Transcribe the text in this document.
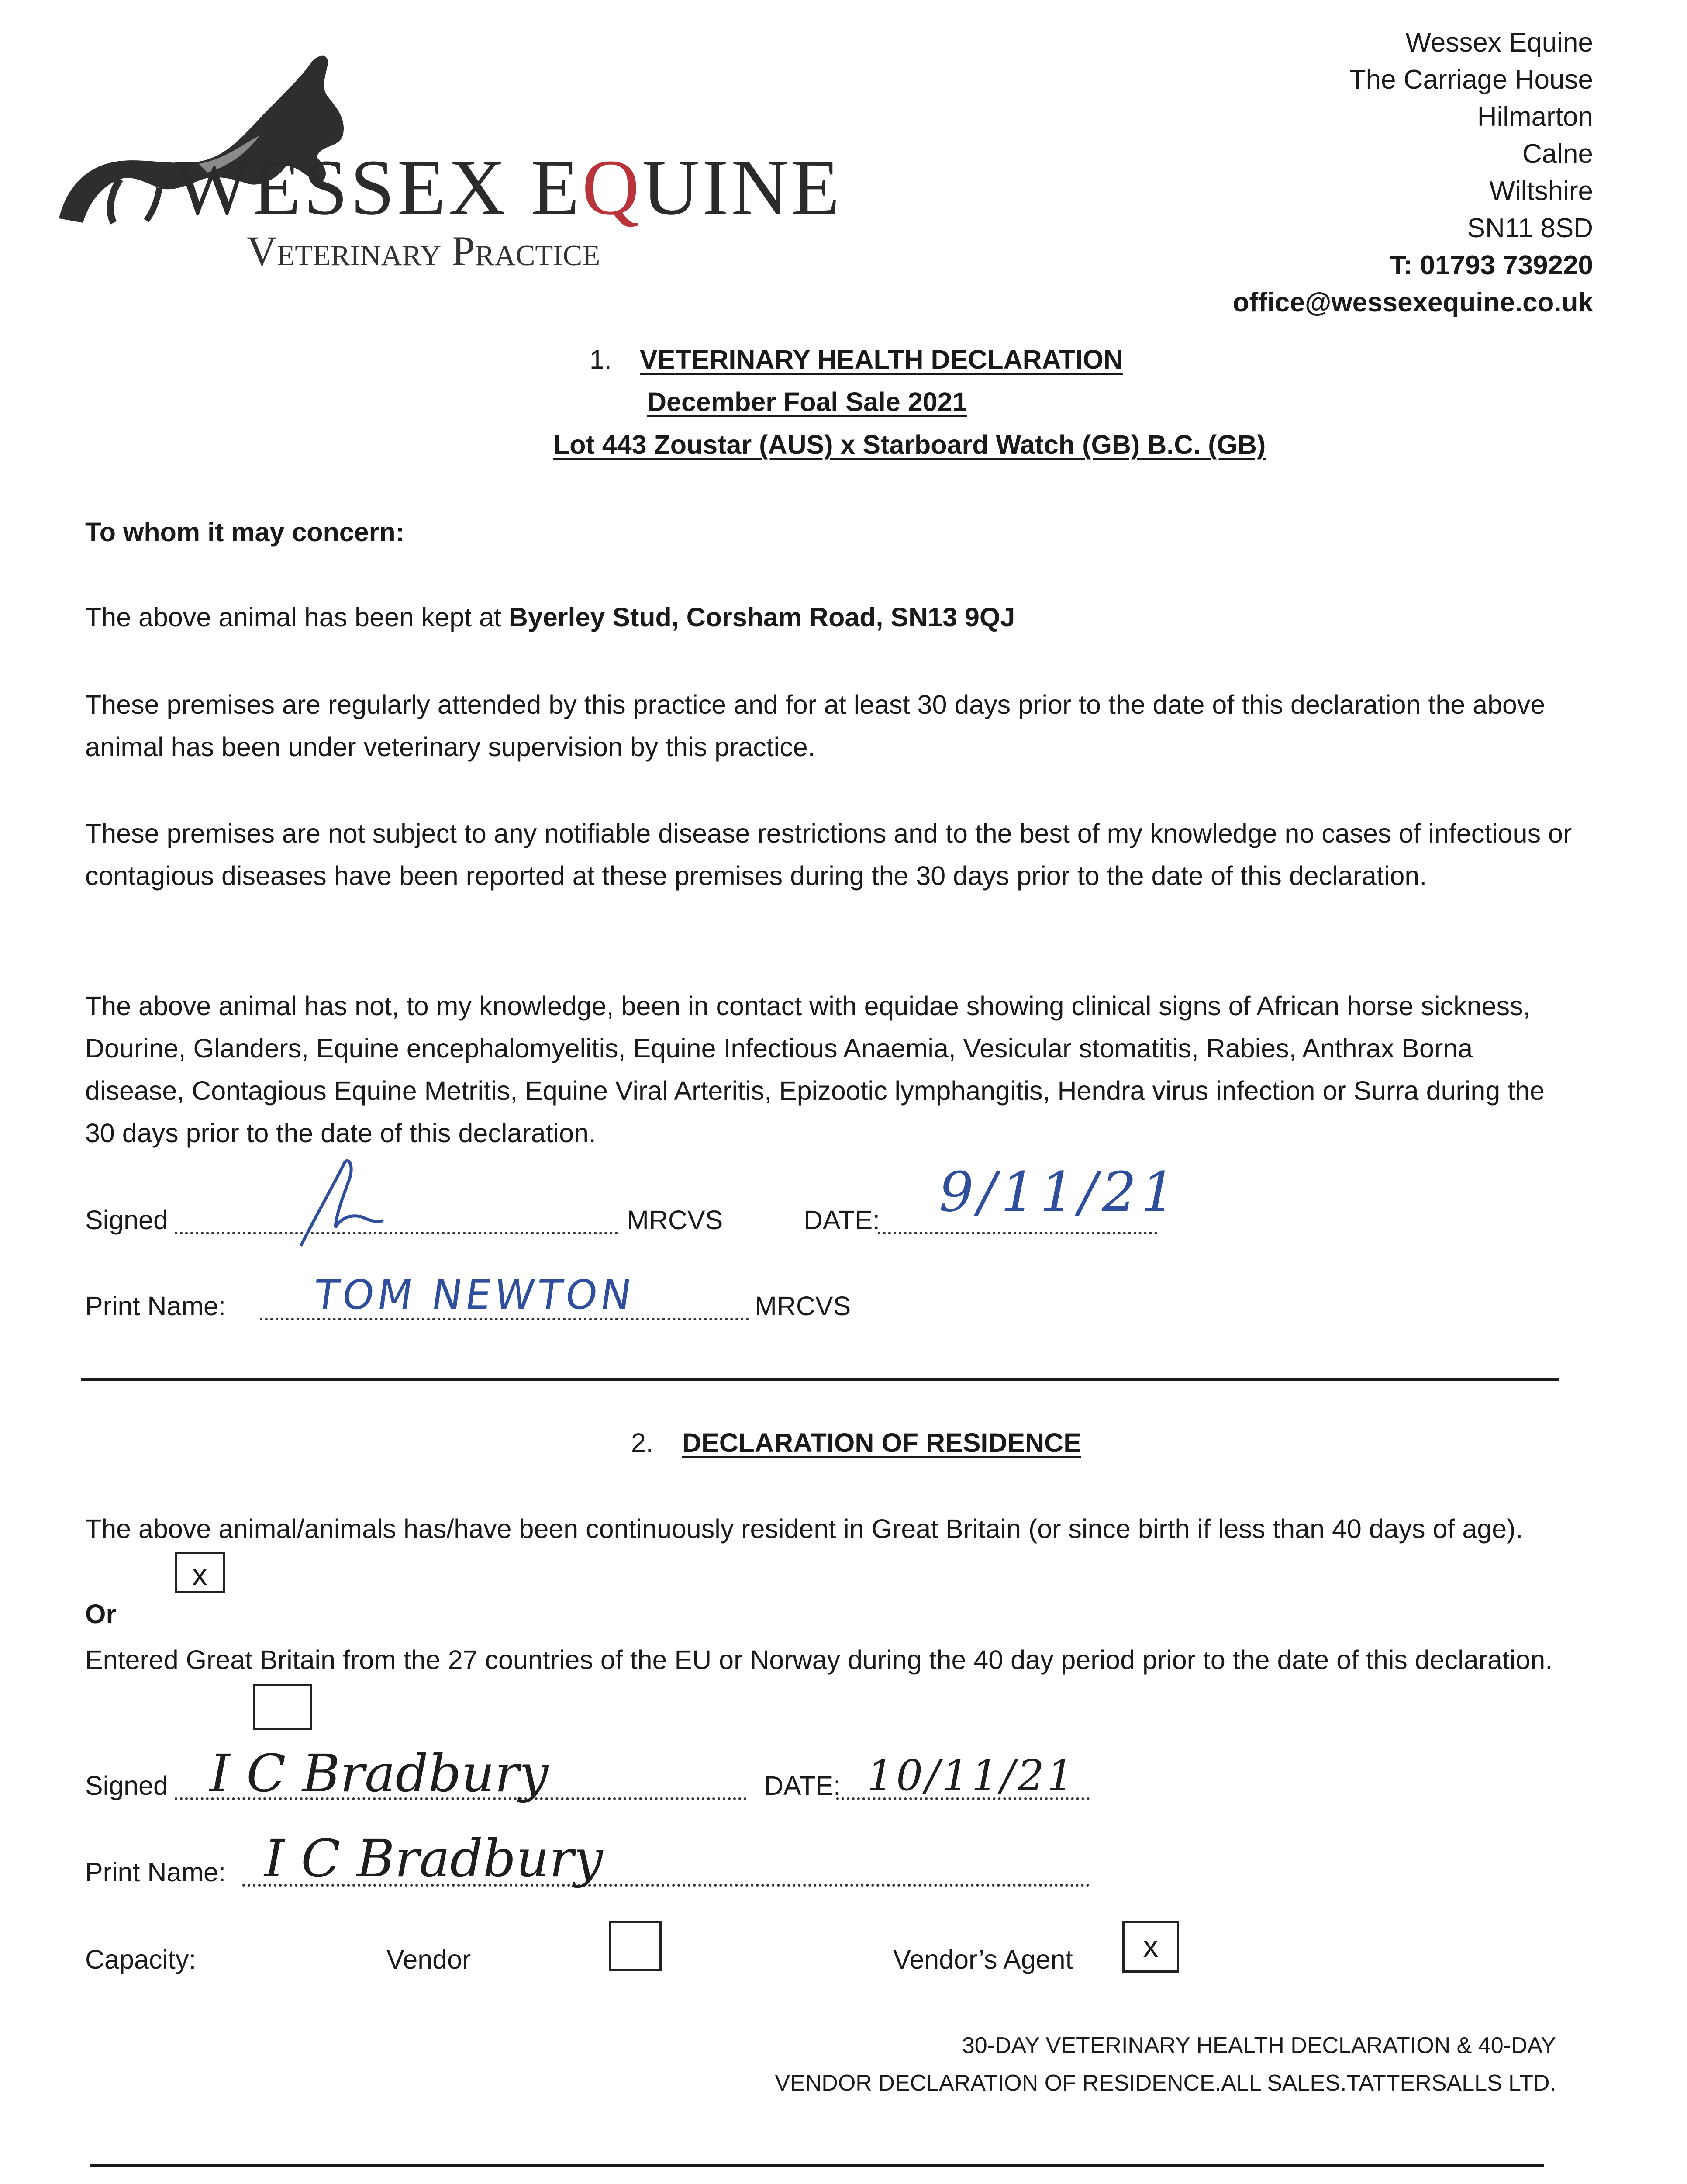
WESSEX EQUINE
Veterinary Practice
Wessex Equine
The Carriage House
Hilmarton
Calne
Wiltshire
SN11 8SD
T: 01793 739220
office@wessexequine.co.uk
1. VETERINARY HEALTH DECLARATION
December Foal Sale 2021
Lot 443 Zoustar (AUS) x Starboard Watch (GB) B.C. (GB)
To whom it may concern:
The above animal has been kept at Byerley Stud, Corsham Road, SN13 9QJ
These premises are regularly attended by this practice and for at least 30 days prior to the date of this declaration the above animal has been under veterinary supervision by this practice.
These premises are not subject to any notifiable disease restrictions and to the best of my knowledge no cases of infectious or contagious diseases have been reported at these premises during the 30 days prior to the date of this declaration.
The above animal has not, to my knowledge, been in contact with equidae showing clinical signs of African horse sickness, Dourine, Glanders, Equine encephalomyelitis, Equine Infectious Anaemia, Vesicular stomatitis, Rabies, Anthrax Borna disease, Contagious Equine Metritis, Equine Viral Arteritis, Epizootic lymphangitis, Hendra virus infection or Surra during the 30 days prior to the date of this declaration.
Signed	MRCVS	DATE: 9/11/21
Print Name: TOM NEWTON	MRCVS
2. DECLARATION OF RESIDENCE
The above animal/animals has/have been continuously resident in Great Britain (or since birth if less than 40 days of age).
x
Or
Entered Great Britain from the 27 countries of the EU or Norway during the 40 day period prior to the date of this declaration.
Signed I C Bradbury	DATE: 10/11/21
Print Name: I C Bradbury
Capacity:	Vendor	Vendor’s Agent	x
30-DAY VETERINARY HEALTH DECLARATION & 40-DAY
VENDOR DECLARATION OF RESIDENCE.ALL SALES.TATTERSALLS LTD.
